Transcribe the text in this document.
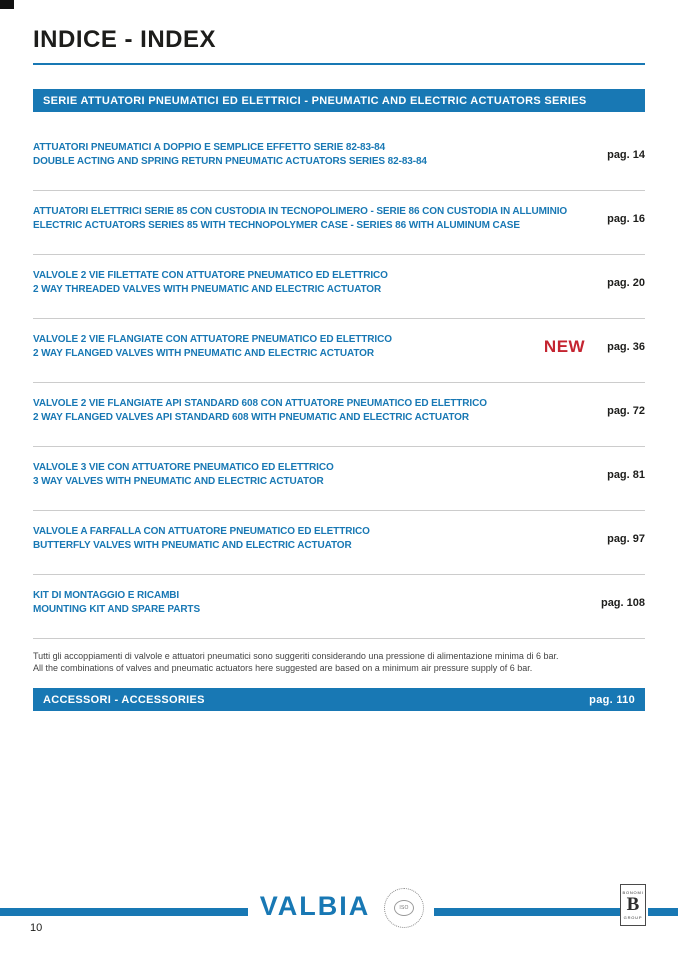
INDICE - INDEX
SERIE ATTUATORI PNEUMATICI ED ELETTRICI - PNEUMATIC AND ELECTRIC ACTUATORS SERIES
ATTUATORI PNEUMATICI A DOPPIO E SEMPLICE EFFETTO SERIE 82-83-84
DOUBLE ACTING AND SPRING RETURN PNEUMATIC ACTUATORS SERIES 82-83-84
pag. 14
ATTUATORI ELETTRICI SERIE 85 CON CUSTODIA IN TECNOPOLIMERO - SERIE 86 CON CUSTODIA IN ALLUMINIO
ELECTRIC ACTUATORS SERIES 85 WITH TECHNOPOLYMER CASE - SERIES 86 WITH ALUMINUM CASE
pag. 16
VALVOLE 2 VIE FILETTATE CON ATTUATORE PNEUMATICO ED ELETTRICO
2 WAY THREADED VALVES WITH PNEUMATIC AND ELECTRIC ACTUATOR
pag. 20
VALVOLE 2 VIE FLANGIATE CON ATTUATORE PNEUMATICO ED ELETTRICO
2 WAY FLANGED VALVES WITH PNEUMATIC AND ELECTRIC ACTUATOR	NEW pag. 36
VALVOLE 2 VIE FLANGIATE API STANDARD 608 CON ATTUATORE PNEUMATICO ED ELETTRICO
2 WAY FLANGED VALVES API STANDARD 608 WITH PNEUMATIC AND ELECTRIC ACTUATOR
pag. 72
VALVOLE 3 VIE CON ATTUATORE PNEUMATICO ED ELETTRICO
3 WAY VALVES WITH PNEUMATIC AND ELECTRIC ACTUATOR
pag. 81
VALVOLE A FARFALLA CON ATTUATORE PNEUMATICO ED ELETTRICO
BUTTERFLY VALVES WITH PNEUMATIC AND ELECTRIC ACTUATOR
pag. 97
KIT DI MONTAGGIO E RICAMBI
MOUNTING KIT AND SPARE PARTS
pag. 108
Tutti gli accoppiamenti di valvole e attuatori pneumatici sono suggeriti considerando una pressione di alimentazione minima di 6 bar.
All the combinations of valves and pneumatic actuators here suggested are based on a minimum air pressure supply of 6 bar.
ACCESSORI - ACCESSORIES	pag. 110
VALBIA	ISO
BONOMI
B
GROUP
10
